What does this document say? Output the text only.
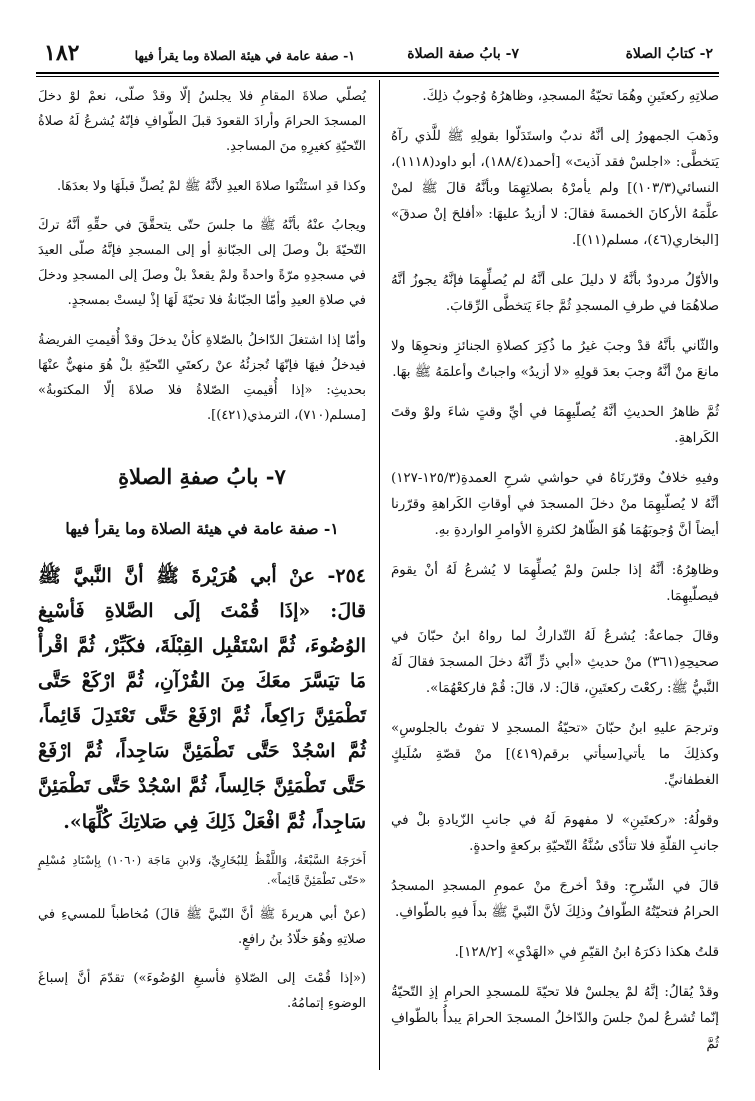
٢- كتابُ الصلاة
٧- بابُ صفة الصلاة
١- صفة عامة في هيئة الصلاة وما يقرأ فيها
١٨٢

صلاتِهِ ركعتَينِ وهُمَا تحيّةُ المسجدِ، وظاهرُهُ وُجوبُ ذلِكَ.

وذَهبَ الجمهورُ إلى أنَّهُ ندبٌ واستَدَلّوا بقولِهِ ﷺ للَّذي رآهُ يَتخطَّى: «اجلسْ فقد آذيتَ» [أحمد(١٨٨/٤)، أبو داود(١١١٨)، النسائي(١٠٣/٣)] ولم يأمرْهُ بصلاتِهِمَا وبأنَّهُ قالَ ﷺ لمنْ علَّمَهُ الأركانَ الخمسةَ فقالَ: لا أزيدُ عليهَا: «أفلحَ إنْ صدقَ» [البخاري(٤٦)، مسلم(١١)].

والأوّلُ مردودٌ بأنَّهُ لا دليلَ على أنَّهُ لم يُصلِّهِمَا فإنَّهُ يجوزُ أنَّهُ صلاهُمَا في طرفِ المسجدِ ثُمَّ جاءَ يَتخطَّى الرِّقابَ.

والثّاني بأنَّهُ قدْ وجبَ غيرُ ما ذُكِرَ كصلاةِ الجنائزِ ونحوِهَا ولا مانعَ منْ أنَّهُ وجبَ بعدَ قولِهِ «لا أزيدُ» واجباتٌ وأعلمَهُ ﷺ بهَا.

ثُمَّ ظاهرُ الحديثِ أنَّهُ يُصلّيهِمَا في أيِّ وقتٍ شاءَ ولوْ وقتَ الكَراهةِ.

وفيهِ خلافٌ وقرّرنَاهُ في حواشي شرحِ العمدةِ(١٢٥/٣-١٢٧) أنَّهُ لا يُصلّيهِمَا منْ دخلَ المسجدَ في أوقاتِ الكَراهةِ وقرّرنا أيضاً أنَّ وُجوبَهُمَا هُوَ الظّاهرُ لكثرةِ الأوامرِ الواردةِ بهِ.

وظاهِرُهُ: أنَّهُ إذا جلسَ ولمْ يُصلِّهِمَا لا يُشرعُ لَهُ أنْ يقومَ فيصلّيهِمَا.

وقالَ جماعةٌ: يُشرعُ لَهُ التّداركُ لما رواهُ ابنُ حبّانَ في صحيحِهِ(٣٦١) منْ حديثِ «أبي ذرٍّ أنَّهُ دخلَ المسجدَ فقالَ لَهُ النَّبيُّ ﷺ: ركعْتَ ركعتَينِ، قالَ: لا، قالَ: قُمْ فاركعْهُمَا».

وترجمَ عليهِ ابنُ حبّانَ «تحيّةُ المسجدِ لا تفوتُ بالجلوسِ» وكذلِكَ ما يأتي[سيأتي برقم(٤١٩)] منْ قصّةِ سُلَيكٍ الغطفانيِّ.

وقولُهُ: «ركعتَينِ» لا مفهومَ لَهُ في جانبِ الزّيادةِ بلْ في جانبِ القلّةِ فلا تتأدّى سُنَّةُ التّحيّةِ بركعةٍ واحدةٍ.

قالَ في الشّرحِ: وقدْ أخرجَ منْ عمومِ المسجدِ المسجدُ الحرامُ فتحيّتُهُ الطّوافُ وذلِكَ لأنَّ النّبيَّ ﷺ بدأَ فيهِ بالطّوافِ.

قلتُ هكذا ذكرَهُ ابنُ القيّمِ في «الهَدْيِ» [١٢٨/٢].

وقدْ يُقالُ: إنَّهُ لمْ يجلسْ فلا تحيّةَ للمسجدِ الحرامِ إذِ التّحيّةُ إنّما تُشرعُ لمنْ جلسَ والدّاخلُ المسجدَ الحرامَ يبدأُ بالطّوافِ ثُمَّ

يُصلّي صلاةَ المقامِ فلا يجلسُ إلّا وقدْ صلّى، نعمْ لوْ دخلَ المسجدَ الحرامَ وأرادَ القعودَ قبلَ الطّوافِ فإنّهُ يُشرعُ لَهُ صلاةُ التّحيّةِ كغيرِهِ منَ المساجدِ.

وكذا قدِ استَثْنَوا صلاةَ العيدِ لأنَّهُ ﷺ لمْ يُصلِّ قبلَهَا ولا بعدَهَا.

ويجابُ عنْهُ بأنَّهُ ﷺ ما جلسَ حتّى يتحقَّقَ في حقِّهِ أنَّهُ تركَ التّحيّةَ بلْ وصلَ إلى الجبّانةِ أو إلى المسجدِ فإنَّهُ صلّى العيدَ في مسجدِهِ مرّةً واحدةً ولمْ يقعدْ بلْ وصلَ إلى المسجدِ ودخلَ في صلاةِ العيدِ وأمّا الجبّانةُ فلا تحيّةَ لَهَا إذْ ليستْ بمسجدٍ.

وأمّا إذا اشتغلَ الدّاخلُ بالصّلاةِ كأنْ يدخلَ وقدْ أُقيمتِ الفريضةُ فيدخلُ فيهَا فإنّهَا تُجزئُهُ عنْ ركعتَيِ التّحيّةِ بلْ هُوَ منهيٌّ عنْهَا بحديثِ: «إذا أُقيمتِ الصّلاةُ فلا صلاةَ إلّا المكتوبةُ» [مسلم(٧١٠)، الترمذي(٤٢١)].

٧- بابُ صفةِ الصلاةِ
١- صفة عامة في هيئة الصلاة وما يقرأ فيها
٢٥٤- عنْ أبي هُرَيْرةَ ﷺ أنَّ النَّبيَّ ﷺ قالَ: «إذَا قُمْتَ إلَى الصَّلاةِ فَأسْبِغ الوُضُوءَ، ثُمَّ اسْتَقْبِل القِبْلَةَ، فكَبِّرْ، ثُمَّ اقْرأْ مَا تيَسَّرَ معَكَ مِنَ القُرْآنِ، ثُمَّ ارْكَعْ حَتَّى تَطْمَئِنَّ رَاكِعاً، ثُمَّ ارْفَعْ حَتَّى تَعْتَدِلَ قَائِماً، ثُمَّ اسْجُدْ حَتَّى تَطْمَئِنَّ سَاجِداً، ثُمَّ ارْفَعْ حَتَّى تَطْمَئِنَّ جَالِساً، ثُمَّ اسْجُدْ حَتَّى تَطْمَئِنَّ سَاجِداً، ثُمَّ افْعَلْ ذَلِكَ فِي صَلاتِكَ كُلِّهَا».
أَخرَجَهُ السَّبْعَةُ، وَاللَّفْظُ لِلبُخَارِيِّ، وَلابنِ مَاجَة (١٠٦٠) بِإسْنَادِ مُسْلِمٍ «حَتّى تَطْمَئِنَّ قَائِماً».

(عنْ أبي هريرةَ ﷺ أنَّ النّبيَّ ﷺ قالَ) مُخاطباً للمسيءِ في صلاتِهِ وهُوَ خلّادُ بنُ رافعٍ.

(«إذا قُمْتَ إلى الصّلاةِ فأسبغِ الوُضُوءَ») تقدّمَ أنَّ إسباغَ الوضوءِ إتمامُهُ.
